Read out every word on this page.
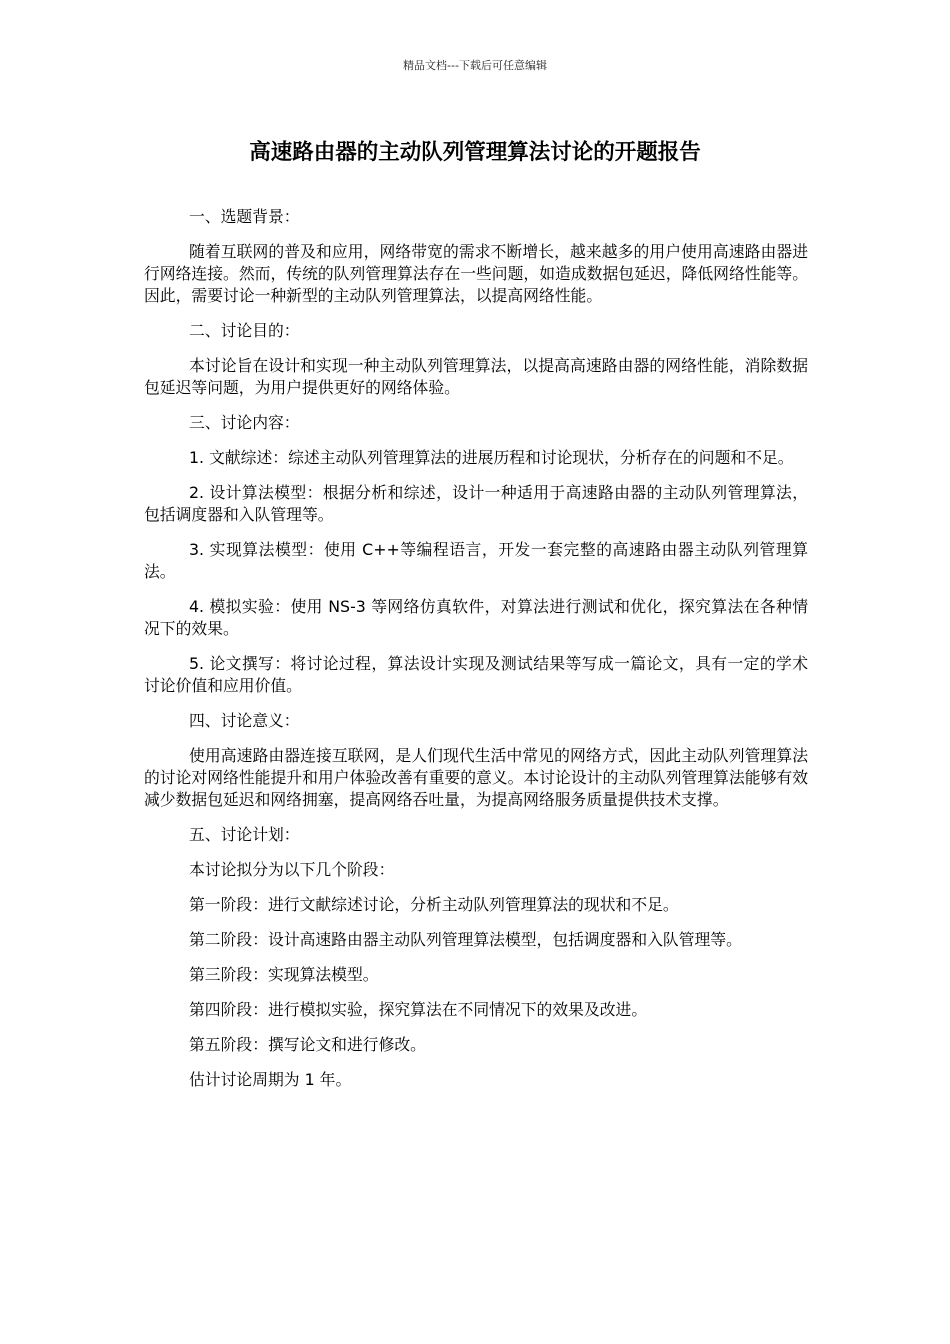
精品文档---下载后可任意编辑
高速路由器的主动队列管理算法讨论的开题报告

一、选题背景：

随着互联网的普及和应用，网络带宽的需求不断增长，越来越多的用户使用高速路由器进行网络连接。然而，传统的队列管理算法存在一些问题，如造成数据包延迟，降低网络性能等。因此，需要讨论一种新型的主动队列管理算法，以提高网络性能。

二、讨论目的：

本讨论旨在设计和实现一种主动队列管理算法，以提高高速路由器的网络性能，消除数据包延迟等问题，为用户提供更好的网络体验。

三、讨论内容：

1. 文献综述：综述主动队列管理算法的进展历程和讨论现状，分析存在的问题和不足。

2. 设计算法模型：根据分析和综述，设计一种适用于高速路由器的主动队列管理算法，包括调度器和入队管理等。

3. 实现算法模型：使用 C++等编程语言，开发一套完整的高速路由器主动队列管理算法。

4. 模拟实验：使用 NS-3 等网络仿真软件，对算法进行测试和优化，探究算法在各种情况下的效果。

5. 论文撰写：将讨论过程，算法设计实现及测试结果等写成一篇论文，具有一定的学术讨论价值和应用价值。

四、讨论意义：

使用高速路由器连接互联网，是人们现代生活中常见的网络方式，因此主动队列管理算法的讨论对网络性能提升和用户体验改善有重要的意义。本讨论设计的主动队列管理算法能够有效减少数据包延迟和网络拥塞，提高网络吞吐量，为提高网络服务质量提供技术支撑。

五、讨论计划：

本讨论拟分为以下几个阶段：

第一阶段：进行文献综述讨论，分析主动队列管理算法的现状和不足。

第二阶段：设计高速路由器主动队列管理算法模型，包括调度器和入队管理等。

第三阶段：实现算法模型。

第四阶段：进行模拟实验，探究算法在不同情况下的效果及改进。

第五阶段：撰写论文和进行修改。

估计讨论周期为 1 年。
